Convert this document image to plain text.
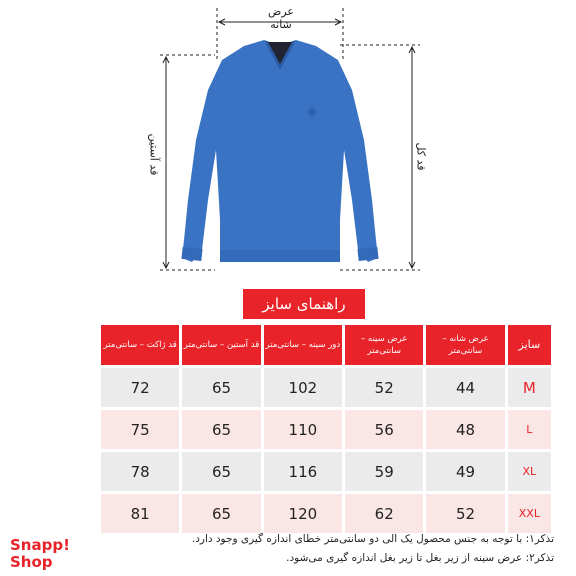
عرض شانه
قد آستین	قد کل
راهنمای سایز
قد ژاکت – سانتی‌متر	قد آستین – سانتی‌متر	دور سینه – سانتی‌متر	عرض سینه – سانتی‌متر	عرض شانه – سانتی‌متر	سایز
72	65	102	52	44	M
75	65	110	56	48	L
78	65	116	59	49	XL
81	65	120	62	52	XXL
تذکر۱: با توجه به جنس محصول یک الی دو سانتی‌متر خطای اندازه گیری وجود دارد.
تذکر۲: عرض سینه از زیر بغل تا زیر بغل اندازه گیری می‌شود.
Snapp!
Shop
